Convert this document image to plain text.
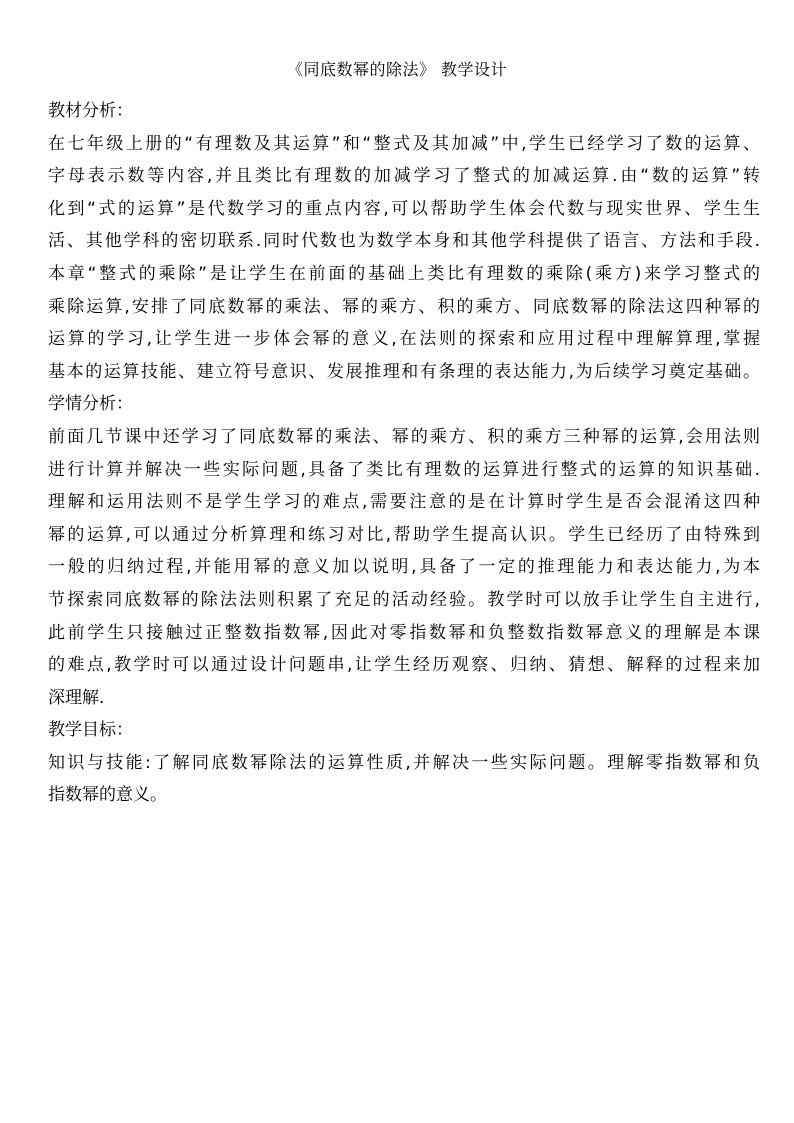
《同底数幂的除法》 教学设计
教材分析：
在七年级上册的“有理数及其运算”和“整式及其加减”中,学生已经学习了数的运算、
字母表示数等内容,并且类比有理数的加减学习了整式的加减运算.由“数的运算”转
化到“式的运算”是代数学习的重点内容,可以帮助学生体会代数与现实世界、学生生
活、其他学科的密切联系.同时代数也为数学本身和其他学科提供了语言、方法和手段.
本章“整式的乘除”是让学生在前面的基础上类比有理数的乘除(乘方)来学习整式的
乘除运算,安排了同底数幂的乘法、幂的乘方、积的乘方、同底数幂的除法这四种幂的
运算的学习,让学生进一步体会幂的意义,在法则的探索和应用过程中理解算理,掌握
基本的运算技能、建立符号意识、发展推理和有条理的表达能力,为后续学习奠定基础。
学情分析：
前面几节课中还学习了同底数幂的乘法、幂的乘方、积的乘方三种幂的运算,会用法则
进行计算并解决一些实际问题,具备了类比有理数的运算进行整式的运算的知识基础.
理解和运用法则不是学生学习的难点,需要注意的是在计算时学生是否会混淆这四种
幂的运算,可以通过分析算理和练习对比,帮助学生提高认识。学生已经历了由特殊到
一般的归纳过程,并能用幂的意义加以说明,具备了一定的推理能力和表达能力,为本
节探索同底数幂的除法法则积累了充足的活动经验。教学时可以放手让学生自主进行,
此前学生只接触过正整数指数幂,因此对零指数幂和负整数指数幂意义的理解是本课
的难点,教学时可以通过设计问题串,让学生经历观察、归纳、猜想、解释的过程来加
深理解.
教学目标：
知识与技能:了解同底数幂除法的运算性质,并解决一些实际问题。理解零指数幂和负
指数幂的意义。
